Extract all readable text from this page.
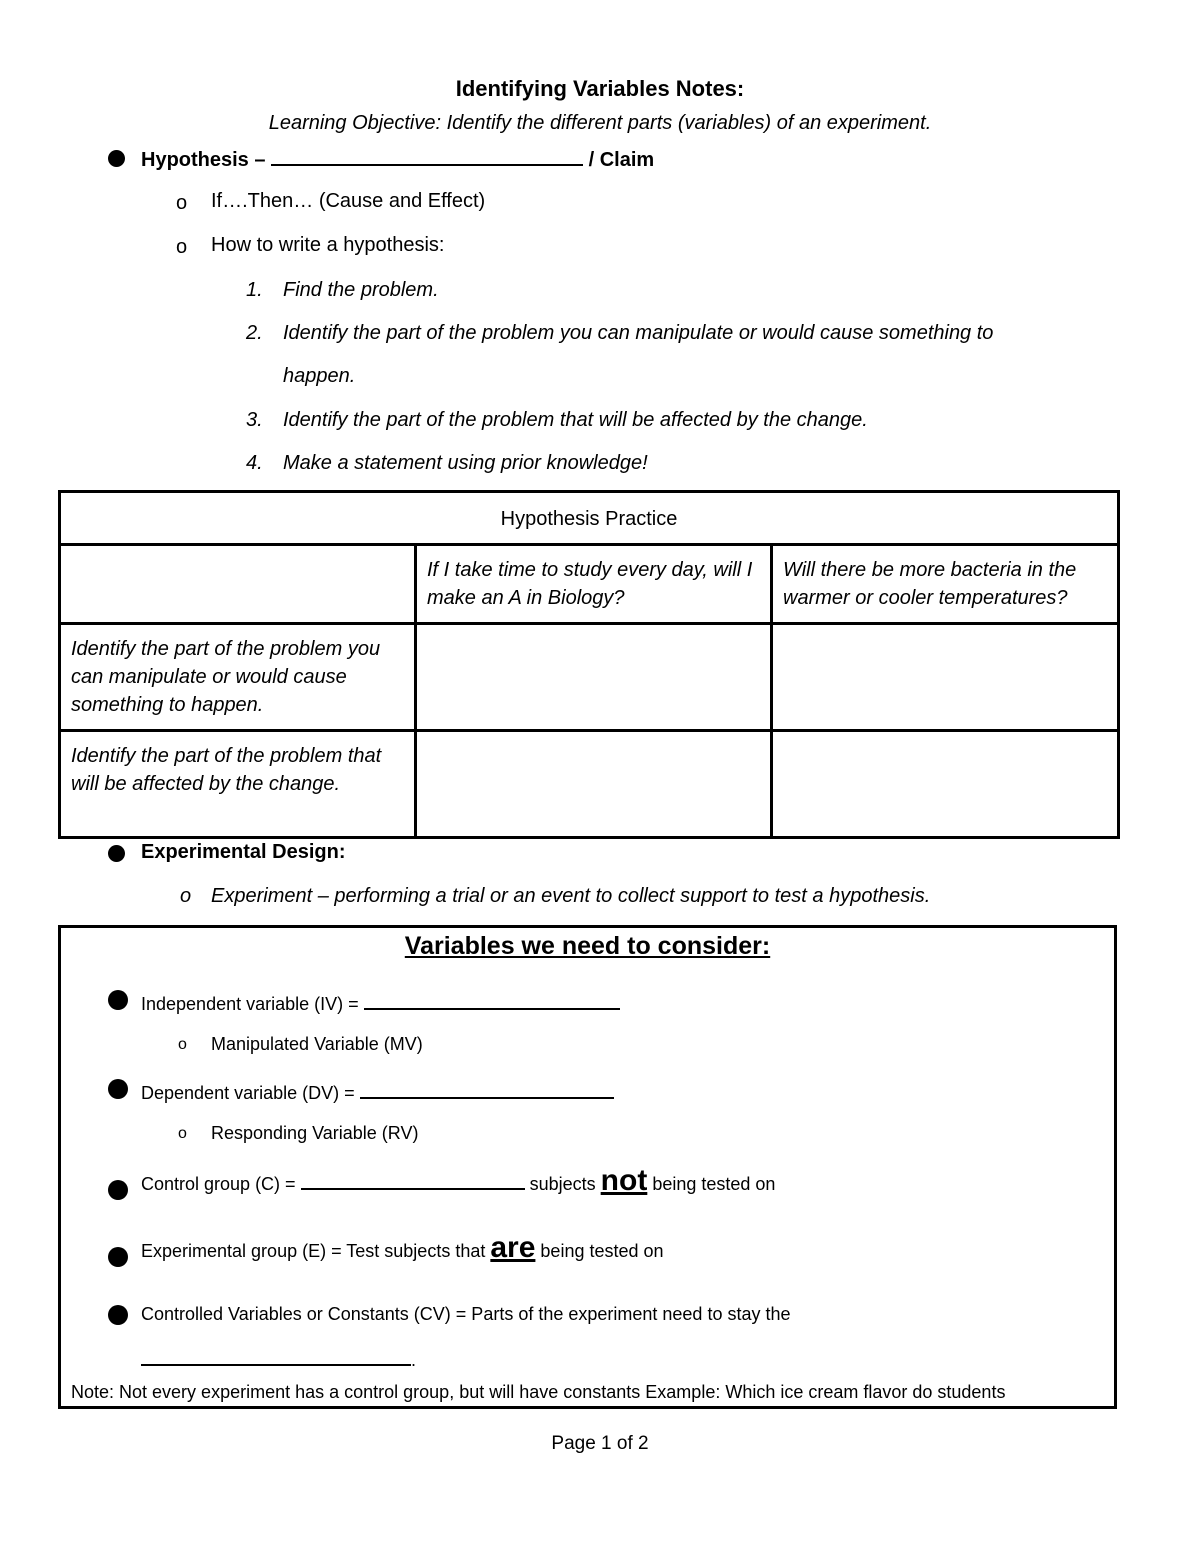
Identifying Variables Notes:
Learning Objective: Identify the different parts (variables) of an experiment.
Hypothesis –	/ Claim
o If….Then… (Cause and Effect)
o How to write a hypothesis:
1. Find the problem.
2. Identify the part of the problem you can manipulate or would cause something to
happen.
3. Identify the part of the problem that will be affected by the change.
4. Make a statement using prior knowledge!
Hypothesis Practice		
	If I take time to study every day, will I make an A in Biology?	Will there be more bacteria in the warmer or cooler temperatures?
Identify the part of the problem you can manipulate or would cause something to happen.		
Identify the part of the problem that will be affected by the change.		
Experimental Design:
o Experiment – performing a trial or an event to collect support to test a hypothesis.
Variables we need to consider:
Independent variable (IV) =
o Manipulated Variable (MV)
Dependent variable (DV) =
o Responding Variable (RV)
Control group (C) =	subjects not being tested on
Experimental group (E) = Test subjects that are being tested on
Controlled Variables or Constants (CV) = Parts of the experiment need to stay the
.
Note: Not every experiment has a control group, but will have constants Example: Which ice cream flavor do students
Page 1 of 2
